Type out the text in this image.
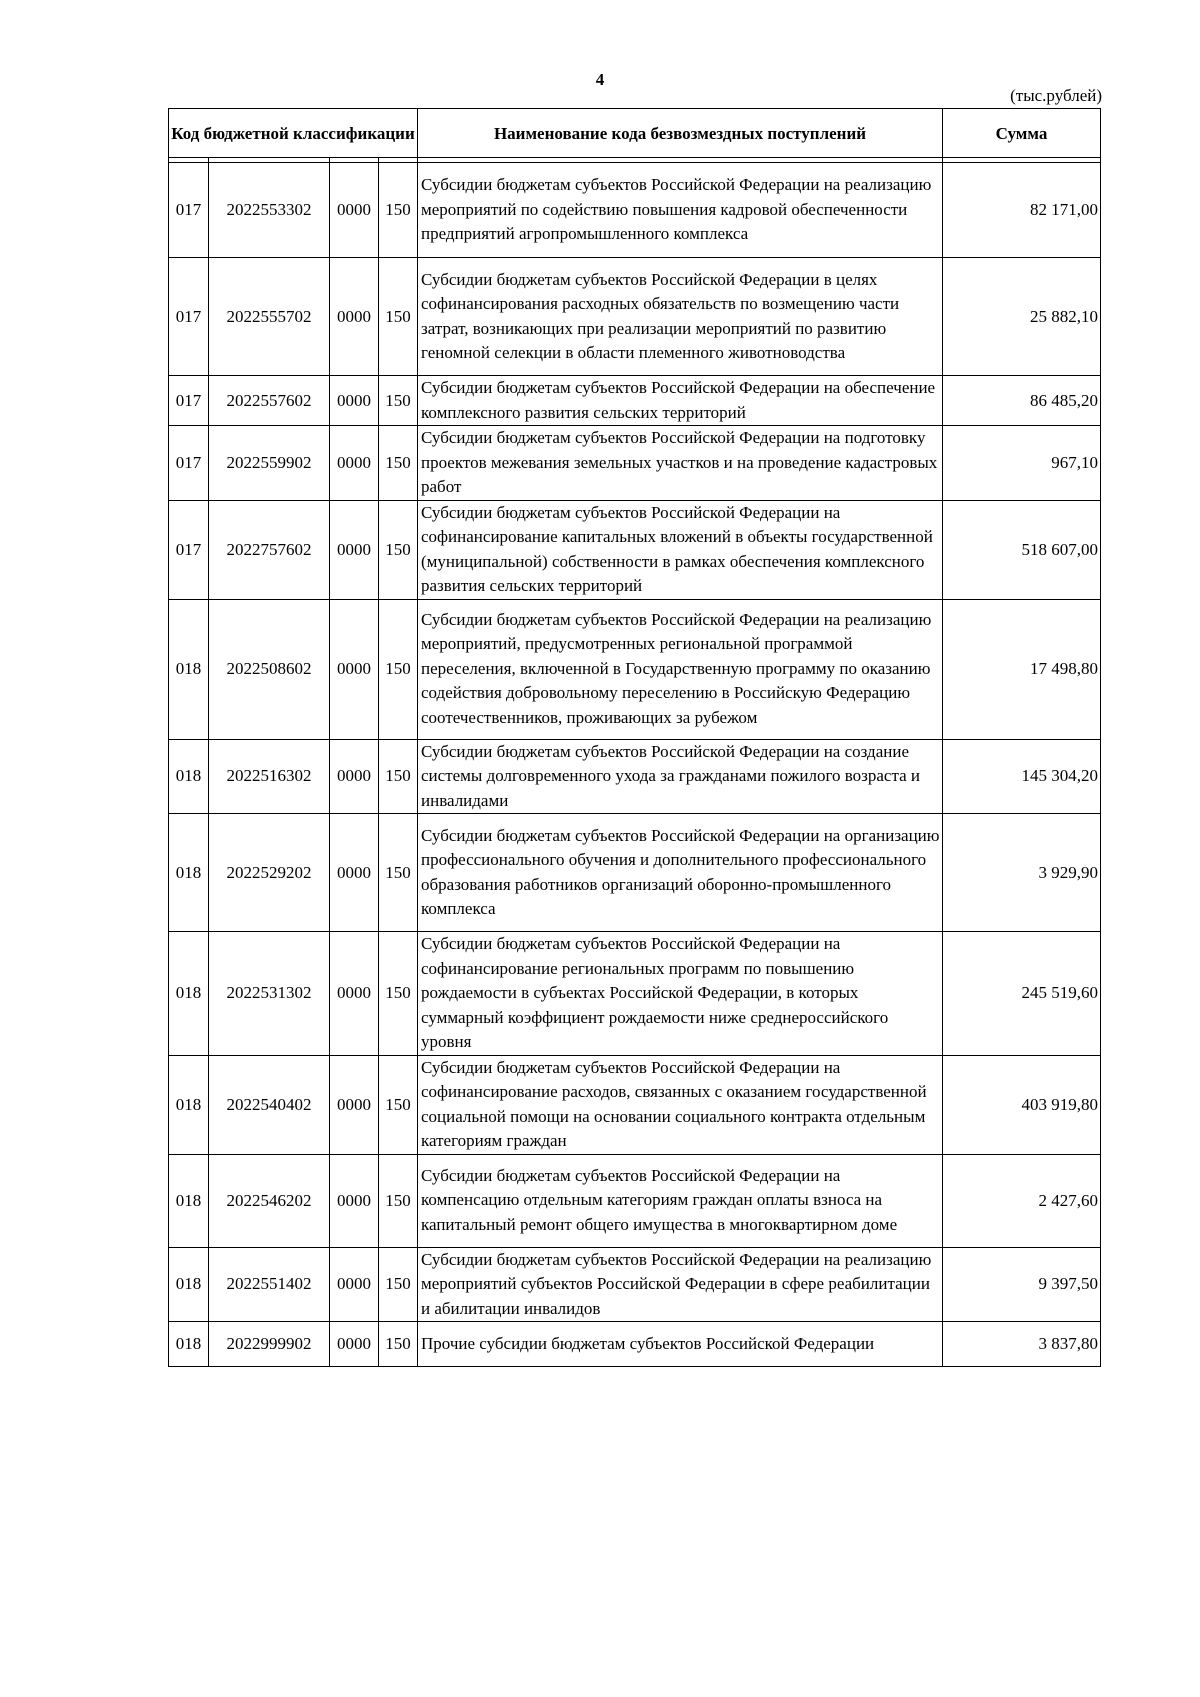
4
(тыс.рублей)
Код бюджетной классификации				Наименование кода безвозмездных поступлений	Сумма

017	2022553302	0000	150	Субсидии бюджетам субъектов Российской Федерации на реализацию мероприятий по содействию повышения кадровой обеспеченности предприятий агропромышленного комплекса	82 171,00
017	2022555702	0000	150	Субсидии бюджетам субъектов Российской Федерации в целях софинансирования расходных обязательств по возмещению части затрат, возникающих при реализации мероприятий по развитию геномной селекции в области племенного животноводства	25 882,10
017	2022557602	0000	150	Субсидии бюджетам субъектов Российской Федерации на обеспечение комплексного развития сельских территорий	86 485,20
017	2022559902	0000	150	Субсидии бюджетам субъектов Российской Федерации на подготовку проектов межевания земельных участков и на проведение кадастровых работ	967,10
017	2022757602	0000	150	Субсидии бюджетам субъектов Российской Федерации на софинансирование капитальных вложений в объекты государственной (муниципальной) собственности в рамках обеспечения комплексного развития сельских территорий	518 607,00
018	2022508602	0000	150	Субсидии бюджетам субъектов Российской Федерации на реализацию мероприятий, предусмотренных региональной программой переселения, включенной в Государственную программу по оказанию содействия добровольному переселению в Российскую Федерацию соотечественников, проживающих за рубежом	17 498,80
018	2022516302	0000	150	Субсидии бюджетам субъектов Российской Федерации на создание системы долговременного ухода за гражданами пожилого возраста и инвалидами	145 304,20
018	2022529202	0000	150	Субсидии бюджетам субъектов Российской Федерации на организацию профессионального обучения и дополнительного профессионального образования работников организаций оборонно-промышленного комплекса	3 929,90
018	2022531302	0000	150	Субсидии бюджетам субъектов Российской Федерации на софинансирование региональных программ по повышению рождаемости в субъектах Российской Федерации, в которых суммарный коэффициент рождаемости ниже среднероссийского уровня	245 519,60
018	2022540402	0000	150	Субсидии бюджетам субъектов Российской Федерации на софинансирование расходов, связанных с оказанием государственной социальной помощи на основании социального контракта отдельным категориям граждан	403 919,80
018	2022546202	0000	150	Субсидии бюджетам субъектов Российской Федерации на компенсацию отдельным категориям граждан оплаты взноса на капитальный ремонт общего имущества в многоквартирном доме	2 427,60
018	2022551402	0000	150	Субсидии бюджетам субъектов Российской Федерации на реализацию мероприятий субъектов Российской Федерации в сфере реабилитации и абилитации инвалидов	9 397,50
018	2022999902	0000	150	Прочие субсидии бюджетам субъектов Российской Федерации	3 837,80
